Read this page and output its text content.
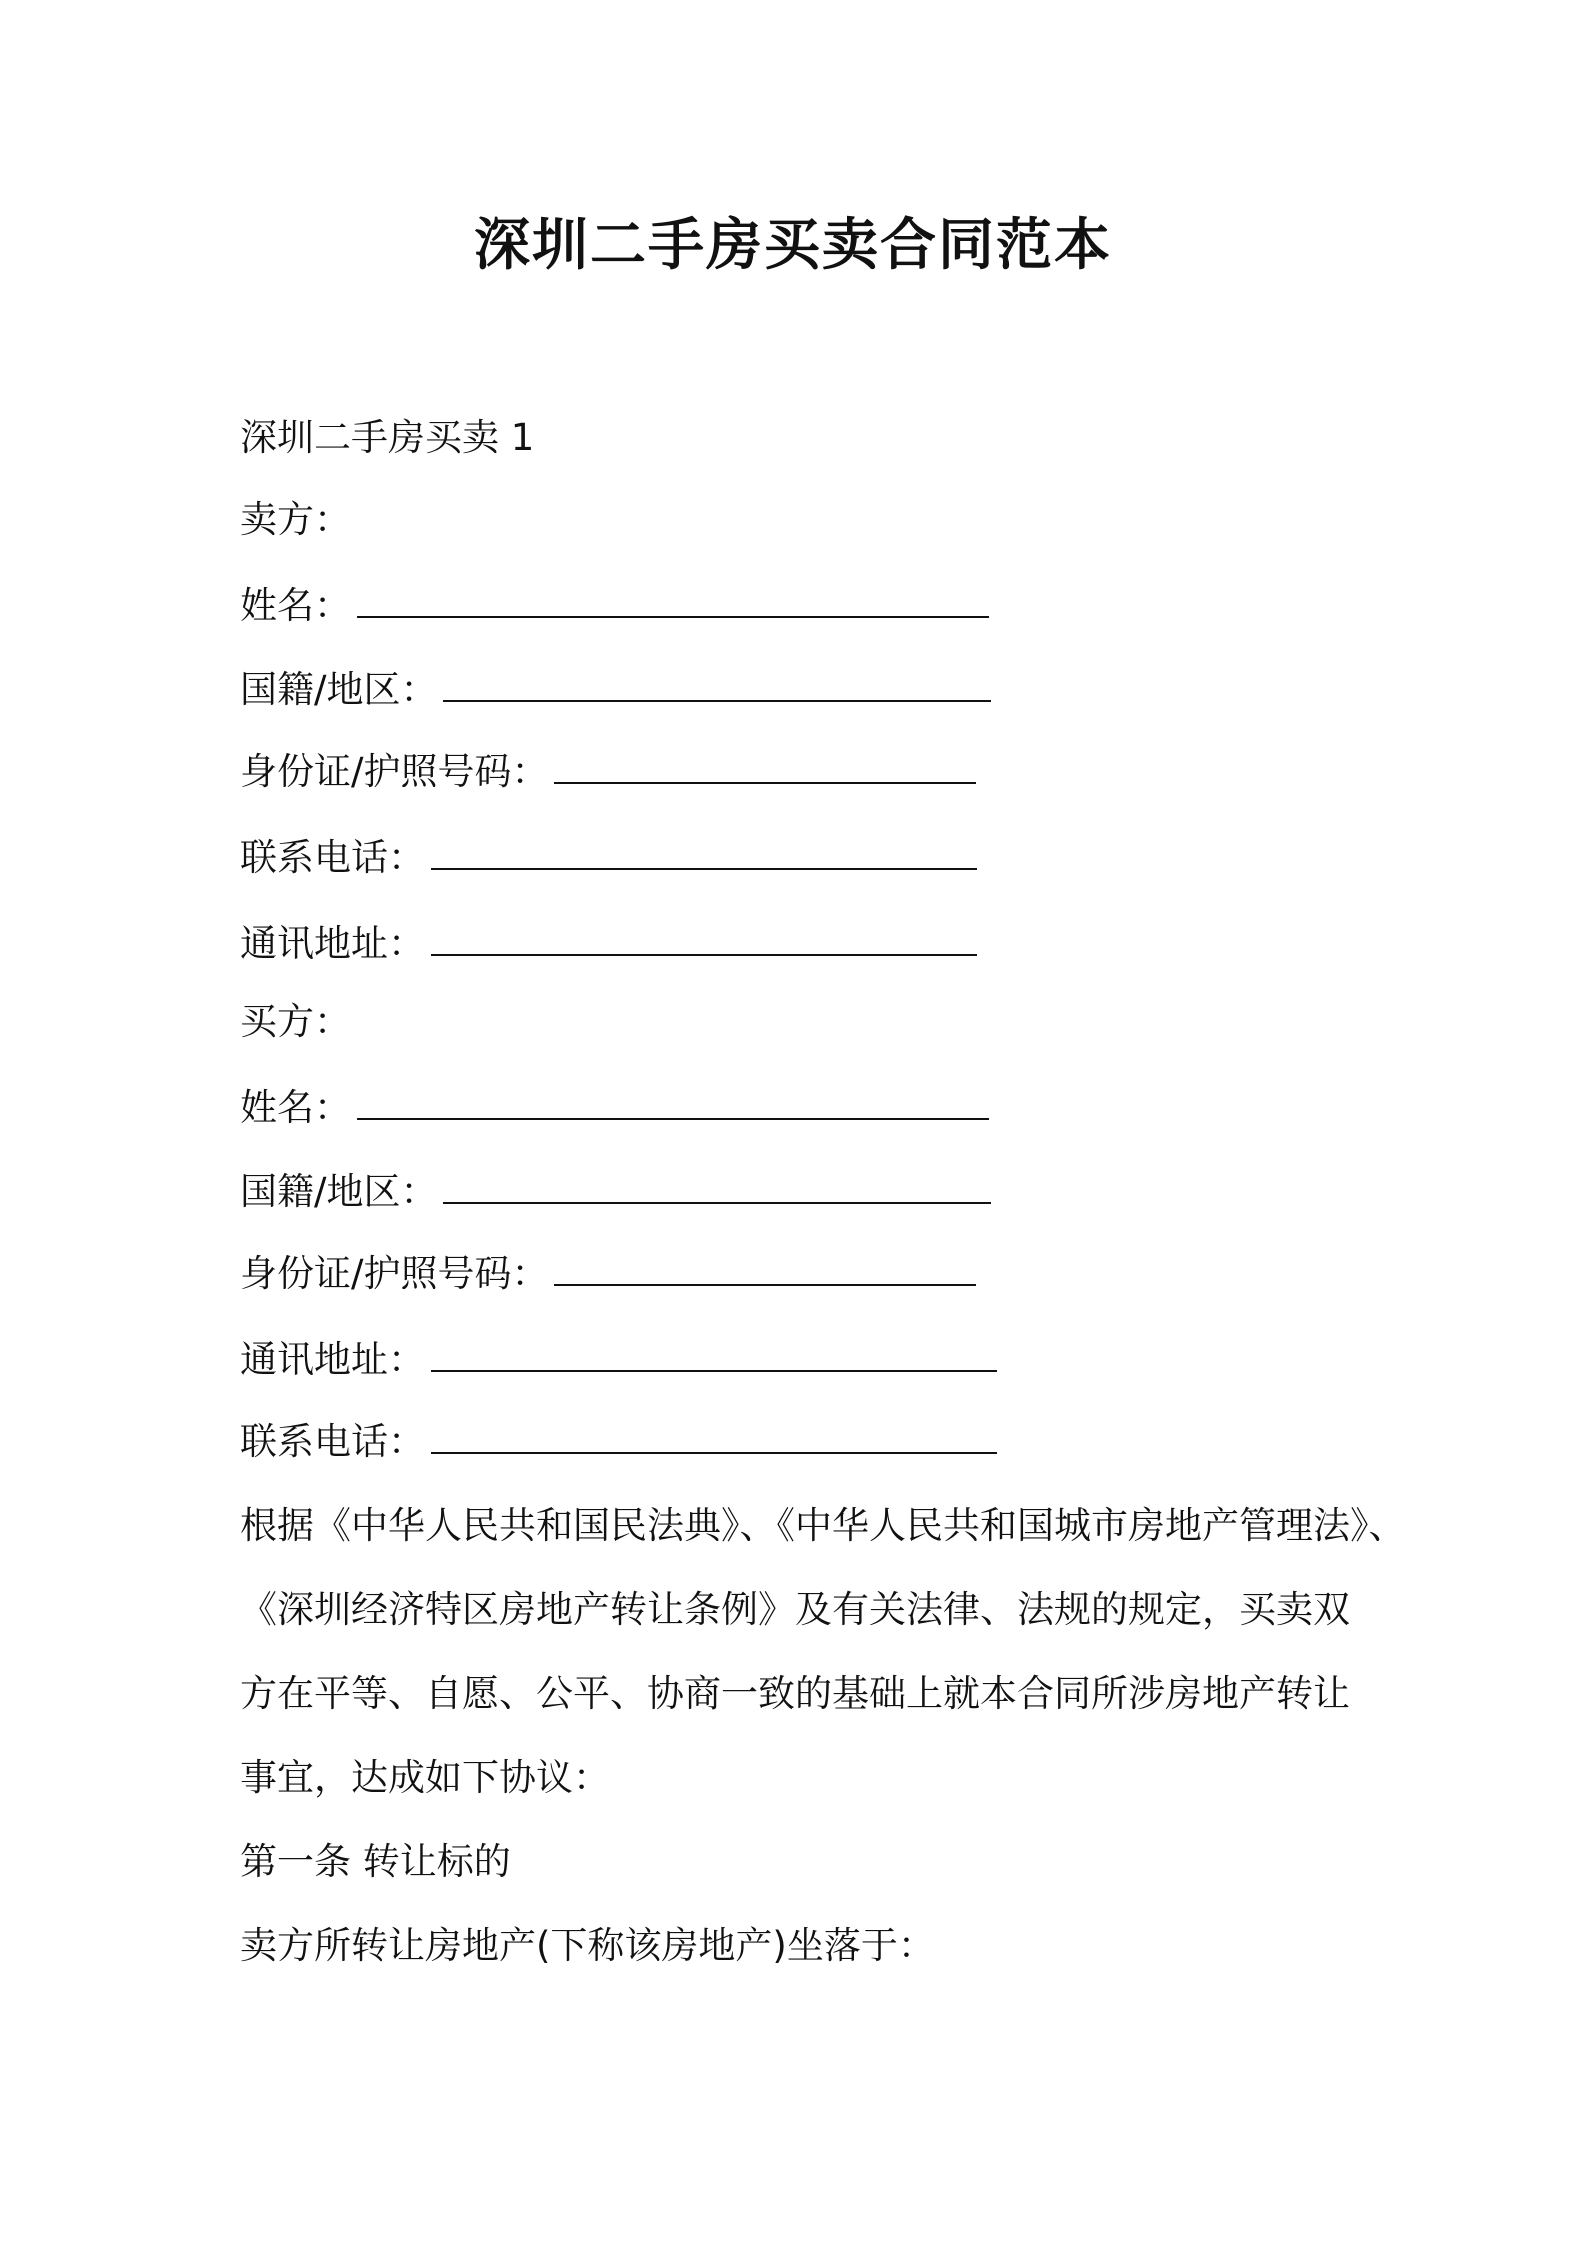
深圳二手房买卖合同范本
深圳二手房买卖 1
卖方：
姓名：
国籍/地区：
身份证/护照号码：
联系电话：
通讯地址：
买方：
姓名：
国籍/地区：
身份证/护照号码：
通讯地址：
联系电话：
根据《中华人民共和国民法典》、《中华人民共和国城市房地产管理法》、
《深圳经济特区房地产转让条例》及有关法律、法规的规定，买卖双
方在平等、自愿、公平、协商一致的基础上就本合同所涉房地产转让
事宜，达成如下协议：
第一条 转让标的
卖方所转让房地产(下称该房地产)坐落于：
